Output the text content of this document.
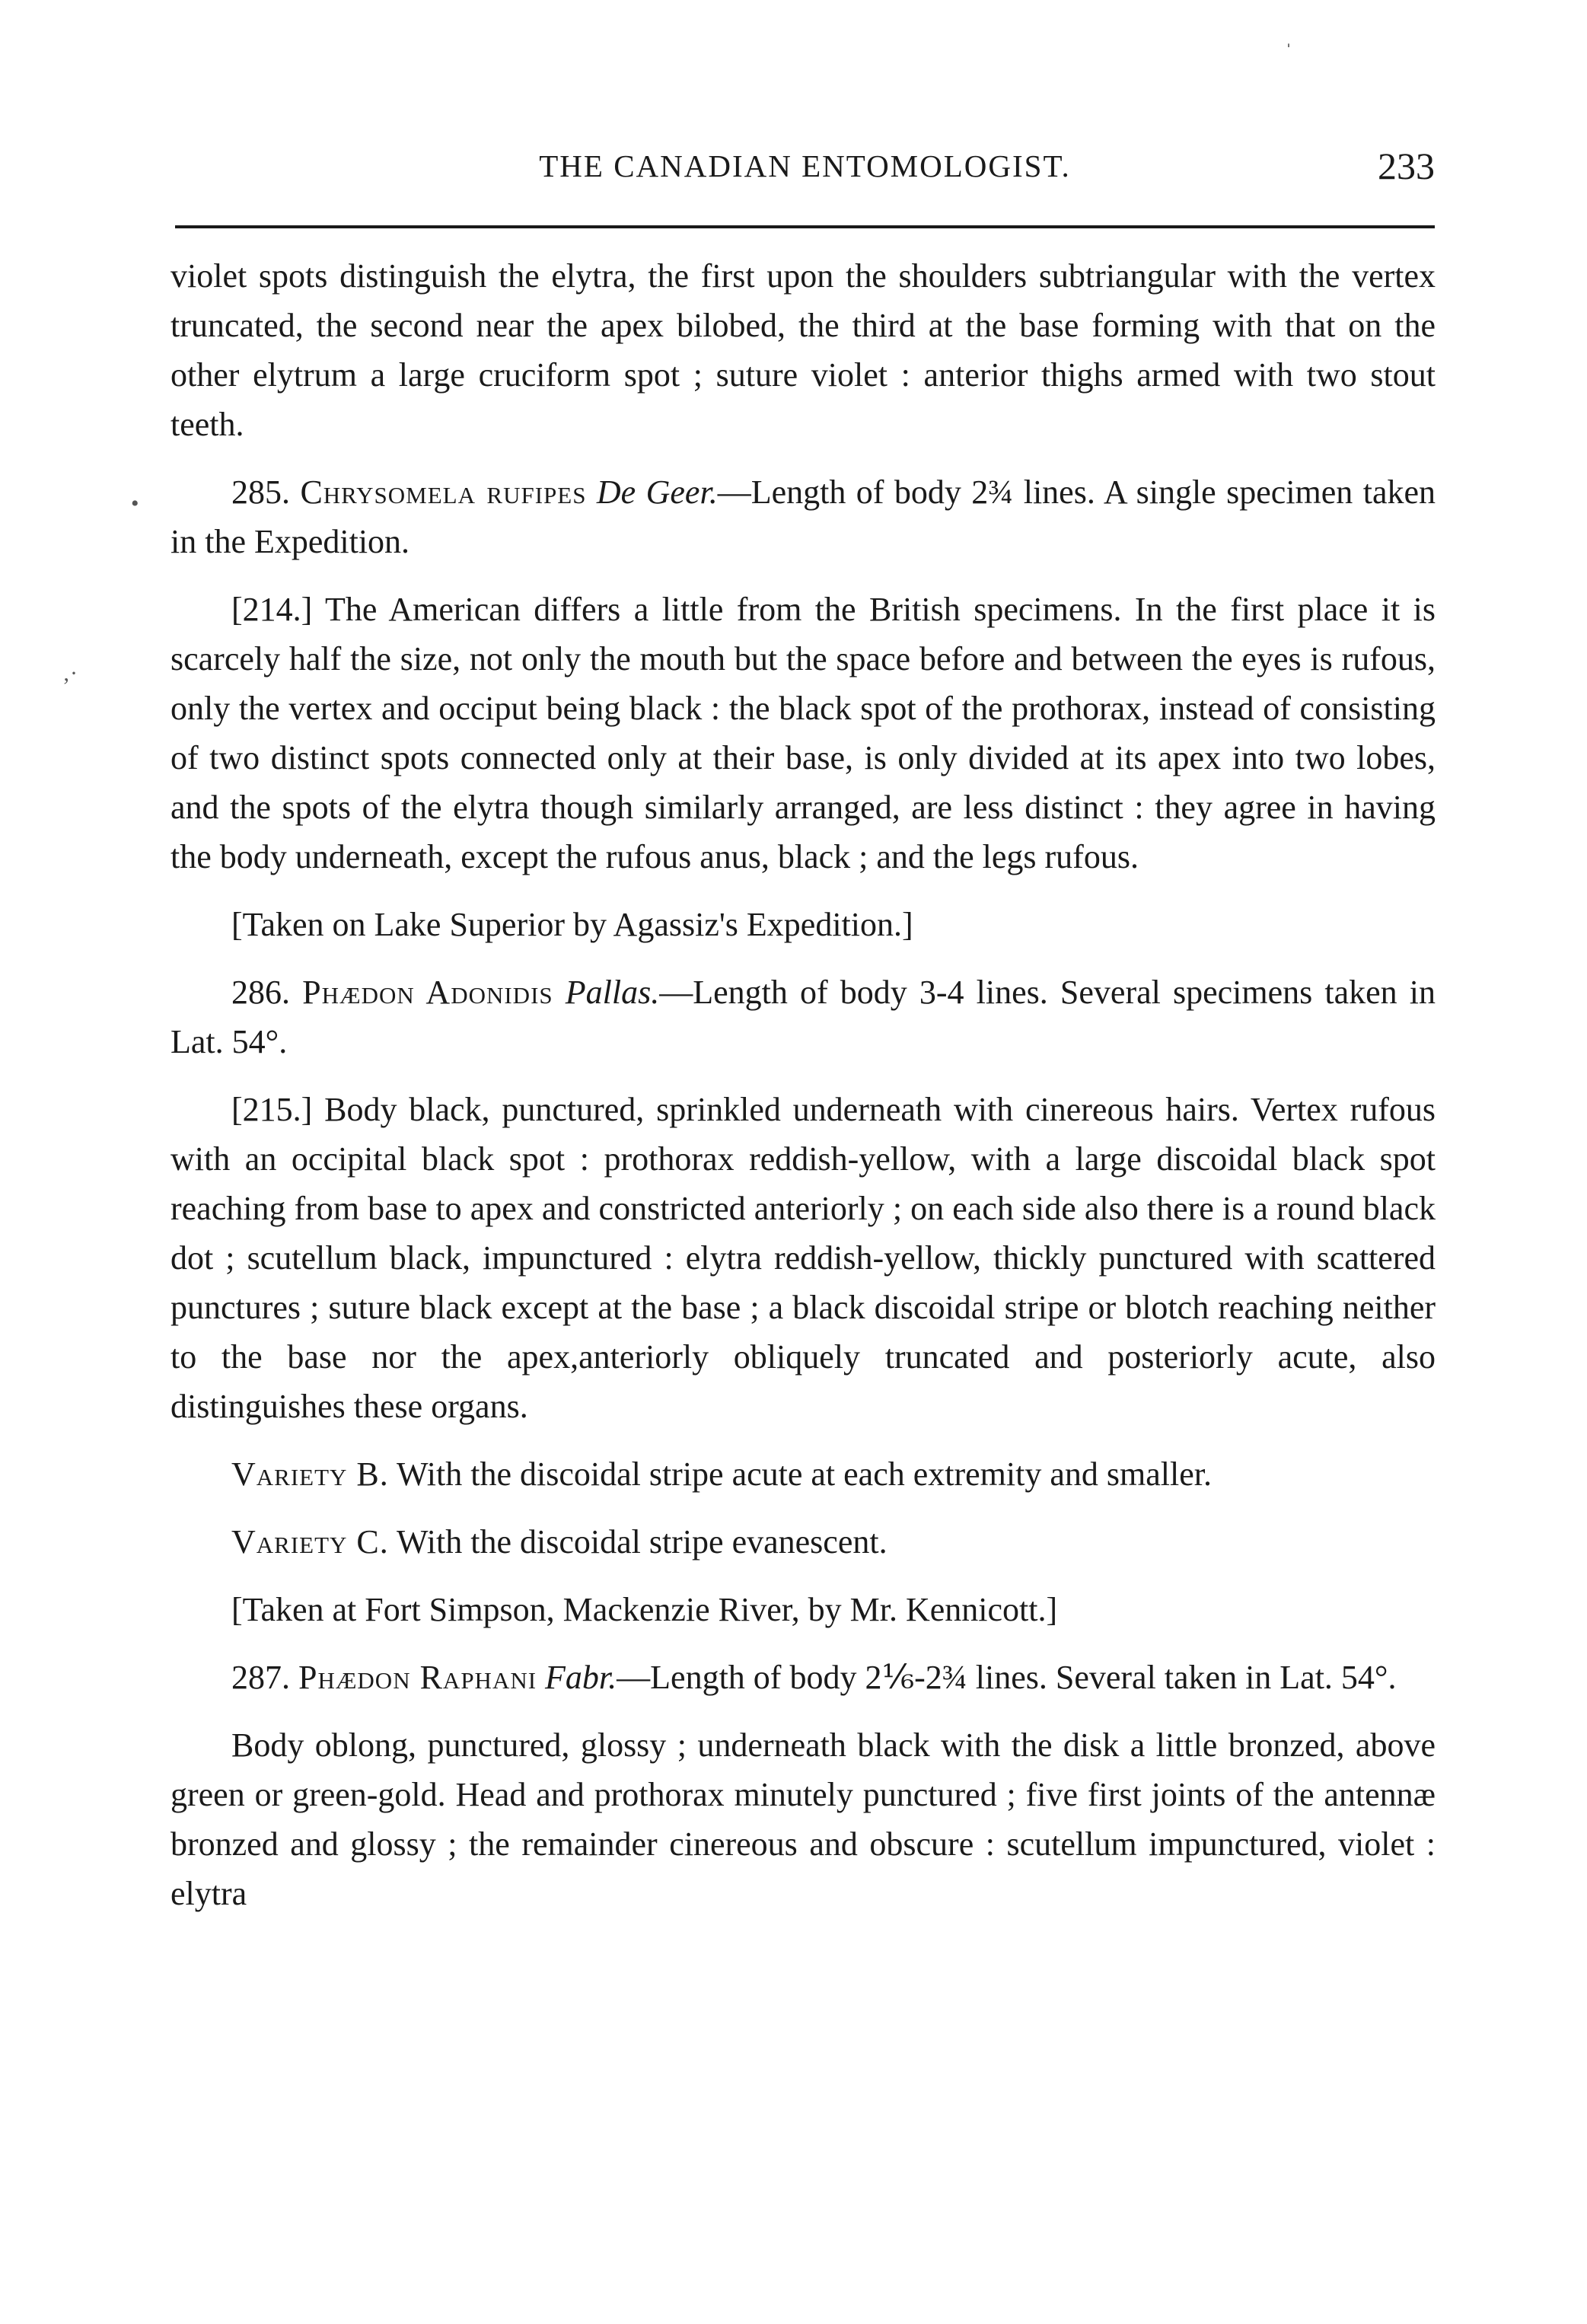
THE CANADIAN ENTOMOLOGIST.	233

violet spots distinguish the elytra, the first upon the shoulders subtriangular with the vertex truncated, the second near the apex bilobed, the third at the base forming with that on the other elytrum a large cruciform spot ; suture violet : anterior thighs armed with two stout teeth.

285. Chrysomela rufipes De Geer.—Length of body 2¾ lines. A single specimen taken in the Expedition.

[214.] The American differs a little from the British specimens. In the first place it is scarcely half the size, not only the mouth but the space before and between the eyes is rufous, only the vertex and occiput being black : the black spot of the prothorax, instead of consisting of two distinct spots connected only at their base, is only divided at its apex into two lobes, and the spots of the elytra though similarly arranged, are less distinct : they agree in having the body underneath, except the rufous anus, black ; and the legs rufous.

[Taken on Lake Superior by Agassiz's Expedition.]

286. Phædon Adonidis Pallas.—Length of body 3-4 lines. Several specimens taken in Lat. 54°.

[215.] Body black, punctured, sprinkled underneath with cinereous hairs. Vertex rufous with an occipital black spot : prothorax reddish-yellow, with a large discoidal black spot reaching from base to apex and constricted anteriorly ; on each side also there is a round black dot ; scutellum black, impunctured : elytra reddish-yellow, thickly punctured with scattered punctures ; suture black except at the base ; a black discoidal stripe or blotch reaching neither to the base nor the apex,anteriorly obliquely truncated and posteriorly acute, also distinguishes these organs.

Variety B. With the discoidal stripe acute at each extremity and smaller.

Variety C. With the discoidal stripe evanescent.

[Taken at Fort Simpson, Mackenzie River, by Mr. Kennicott.]

287. Phædon Raphani Fabr.—Length of body 2⅙-2¾ lines. Several taken in Lat. 54°.

Body oblong, punctured, glossy ; underneath black with the disk a little bronzed, above green or green-gold. Head and prothorax minutely punctured ; five first joints of the antennæ bronzed and glossy ; the remainder cinereous and obscure : scutellum impunctured, violet : elytra

ˈ
•
‚·
